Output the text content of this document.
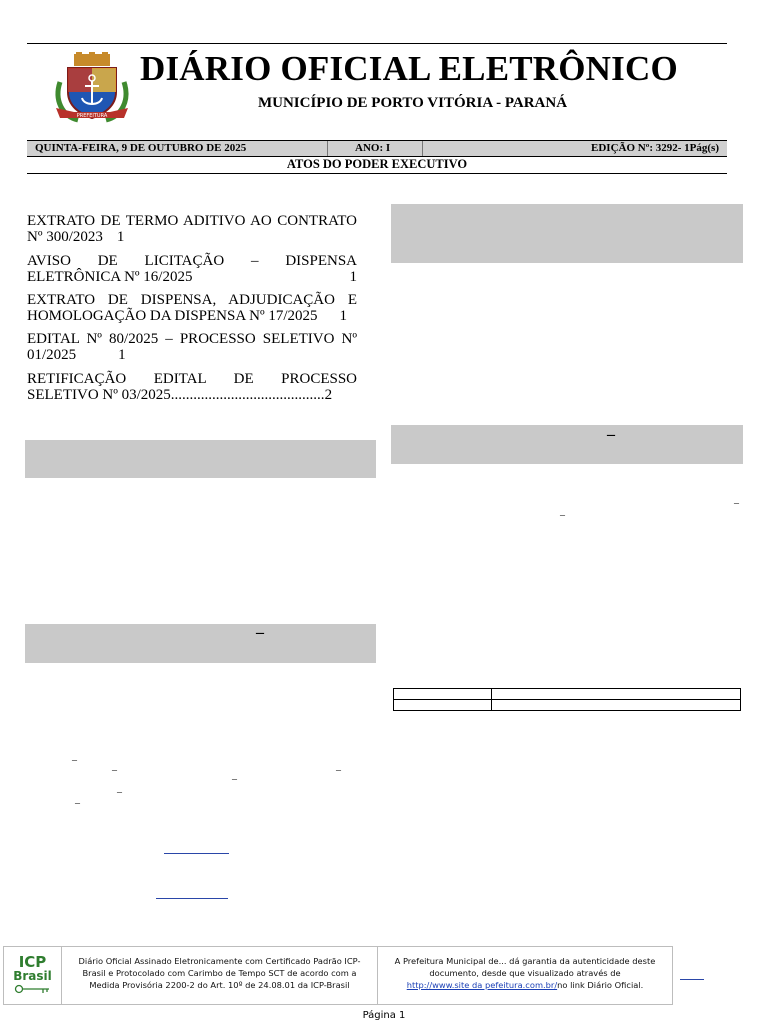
PREFEITURA
DIÁRIO OFICIAL ELETRÔNICO
MUNICÍPIO DE PORTO VITÓRIA - PARANÁ
QUINTA-FEIRA, 9 DE OUTUBRO DE 2025	ANO: I	EDIÇÃO Nº: 3292- 1Pág(s)
ATOS DO PODER EXECUTIVO
EXTRATO DE TERMO ADITIVO AO CONTRATO
Nº 300/2023 1
AVISO DE LICITAÇÃO – DISPENSA
ELETRÔNICA Nº 16/2025	1
EXTRATO DE DISPENSA, ADJUDICAÇÃO E
HOMOLOGAÇÃO DA DISPENSA Nº 17/2025 1
EDITAL Nº 80/2025 – PROCESSO SELETIVO Nº
01/2025	1
RETIFICAÇÃO EDITAL DE PROCESSO
SELETIVO Nº 03/2025.........................................2
–
–
–
–
–
–
–
–
–
–

ICP
Brasil
Diário Oficial Assinado Eletronicamente com Certificado Padrão ICP-Brasil e Protocolado com Carimbo de Tempo SCT de acordo com a Medida Provisória 2200-2 do Art. 10º de 24.08.01 da ICP-Brasil
A Prefeitura Municipal de... dá garantia da autenticidade deste documento, desde que visualizado através de
http://www.site da pefeitura.com.br/no link Diário Oficial.
Página 1
